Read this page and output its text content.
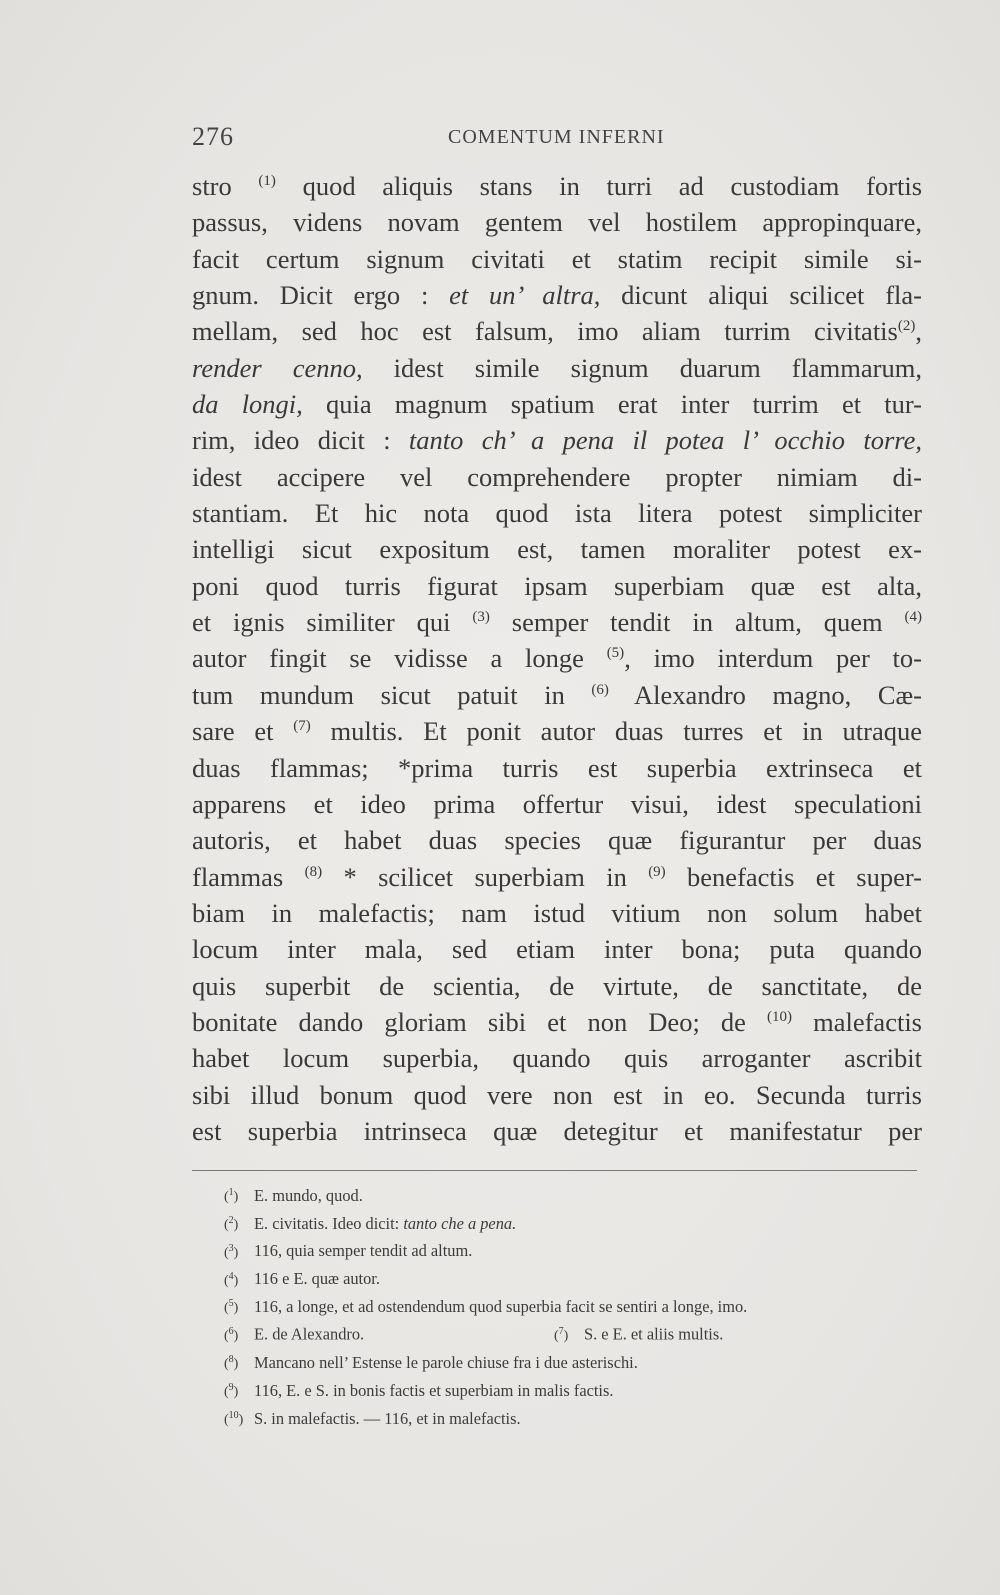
276	COMENTUM INFERNI
stro $^{(1)}$ quod aliquis stans in turri ad custodiam fortis
passus, videns novam gentem vel hostilem appropinquare,
facit certum signum civitati et statim recipit simile si-
gnum. Dicit ergo : et un’ altra, dicunt aliqui scilicet fla-
mellam, sed hoc est falsum, imo aliam turrim civitatis$^{(2)}$,
render cenno, idest simile signum duarum flammarum,
da longi, quia magnum spatium erat inter turrim et tur-
rim, ideo dicit : tanto ch’ a pena il potea l’ occhio torre,
idest accipere vel comprehendere propter nimiam di-
stantiam. Et hic nota quod ista litera potest simpliciter
intelligi sicut expositum est, tamen moraliter potest ex-
poni quod turris figurat ipsam superbiam quæ est alta,
et ignis similiter qui $^{(3)}$ semper tendit in altum, quem $^{(4)}$
autor fingit se vidisse a longe $^{(5)}$, imo interdum per to-
tum mundum sicut patuit in $^{(6)}$ Alexandro magno, Cæ-
sare et $^{(7)}$ multis. Et ponit autor duas turres et in utraque
duas flammas; *prima turris est superbia extrinseca et
apparens et ideo prima offertur visui, idest speculationi
autoris, et habet duas species quæ figurantur per duas
flammas $^{(8)}$ * scilicet superbiam in $^{(9)}$ benefactis et super-
biam in malefactis; nam istud vitium non solum habet
locum inter mala, sed etiam inter bona; puta quando
quis superbit de scientia, de virtute, de sanctitate, de
bonitate dando gloriam sibi et non Deo; de $^{(10)}$ malefactis
habet locum superbia, quando quis arroganter ascribit
sibi illud bonum quod vere non est in eo. Secunda turris
est superbia intrinseca quæ detegitur et manifestatur per
($^1$) E. mundo, quod.
($^2$) E. civitatis. Ideo dicit: tanto che a pena.
($^3$) 116, quia semper tendit ad altum.
($^4$) 116 e E. quæ autor.
($^5$) 116, a longe, et ad ostendendum quod superbia facit se sentiri a longe, imo.
($^6$) E. de Alexandro.	($^7$) S. e E. et aliis multis.
($^8$) Mancano nell’ Estense le parole chiuse fra i due asterischi.
($^9$) 116, E. e S. in bonis factis et superbiam in malis factis.
($^{10}$) S. in malefactis. — 116, et in malefactis.
